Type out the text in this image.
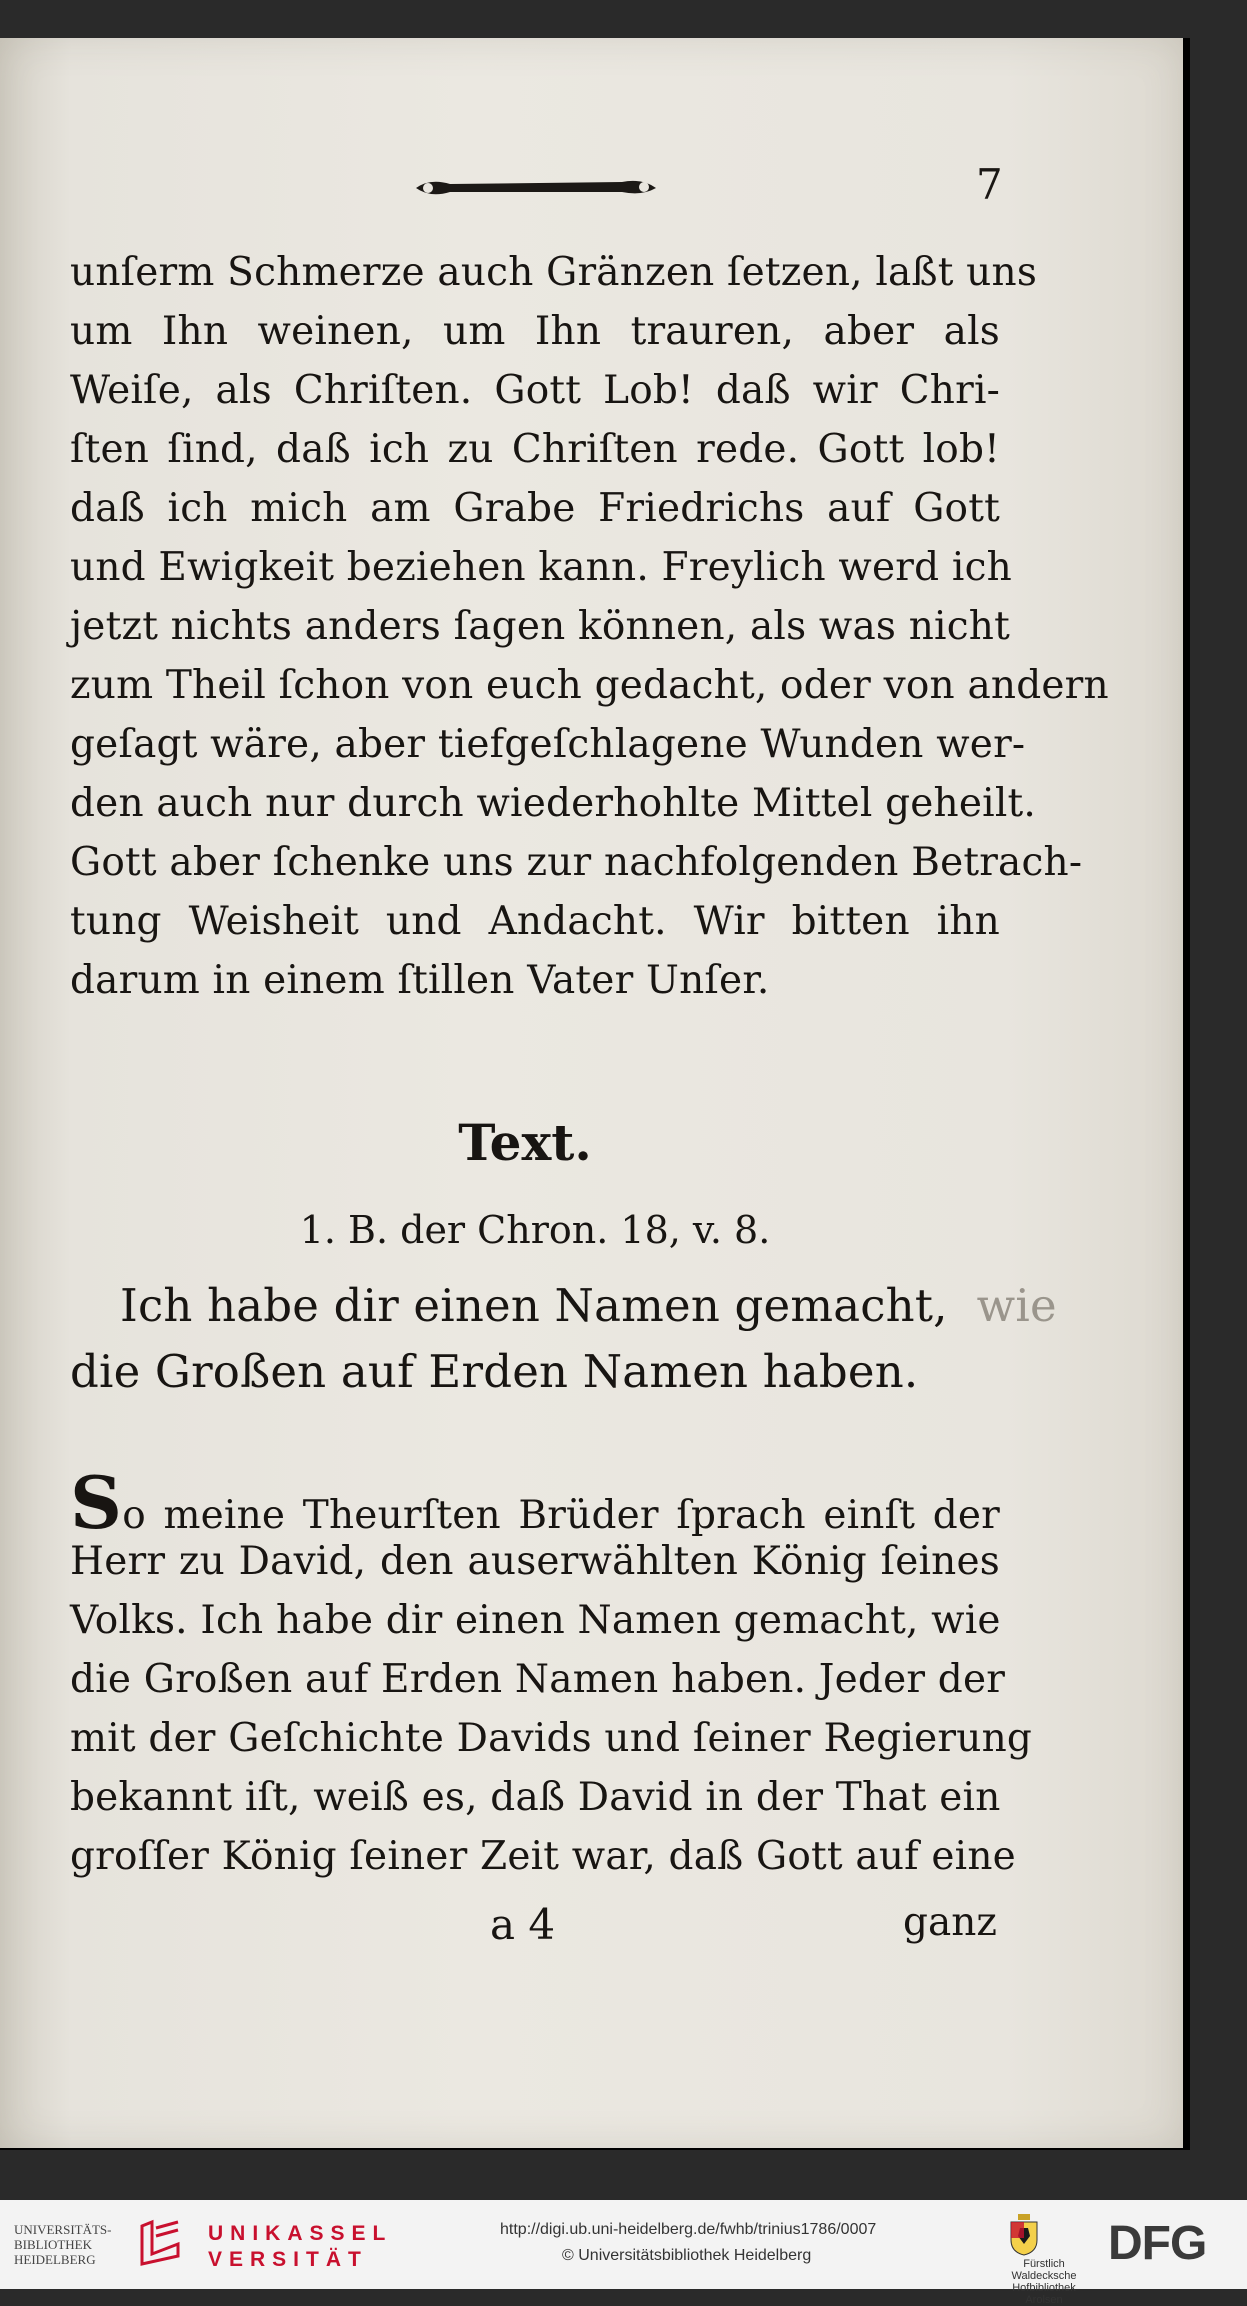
7
unſerm Schmerze auch Gränzen ſetzen, laßt uns
um Ihn weinen, um Ihn trauren, aber als
Weiſe, als Chriſten. Gott Lob! daß wir Chri-
ſten ſind, daß ich zu Chriſten rede. Gott lob!
daß ich mich am Grabe Friedrichs auf Gott
und Ewigkeit beziehen kann. Freylich werd ich
jetzt nichts anders ſagen können, als was nicht
zum Theil ſchon von euch gedacht, oder von andern
geſagt wäre, aber tiefgeſchlagene Wunden wer-
den auch nur durch wiederhohlte Mittel geheilt.
Gott aber ſchenke uns zur nachfolgenden Betrach-
tung Weisheit und Andacht. Wir bitten ihn
darum in einem ſtillen Vater Unſer.
Text.
1. B. der Chron. 18, v. 8.
Ich habe dir einen Namen gemacht, wie
die Großen auf Erden Namen haben.
So meine Theurſten Brüder ſprach einſt der
Herr zu David, den auserwählten König ſeines
Volks. Ich habe dir einen Namen gemacht, wie
die Großen auf Erden Namen haben. Jeder der
mit der Geſchichte Davids und ſeiner Regierung
bekannt iſt, weiß es, daß David in der That ein
groſſer König ſeiner Zeit war, daß Gott auf eine
a 4	ganz
UNIVERSITÄTS-
BIBLIOTHEK
HEIDELBERG
UNIKASSEL
VERSITÄT
http://digi.ub.uni-heidelberg.de/fwhb/trinius1786/0007
© Universitätsbibliothek Heidelberg	Fürstlich Waldecksche
Hofbibliothek Arolsen
DFG
